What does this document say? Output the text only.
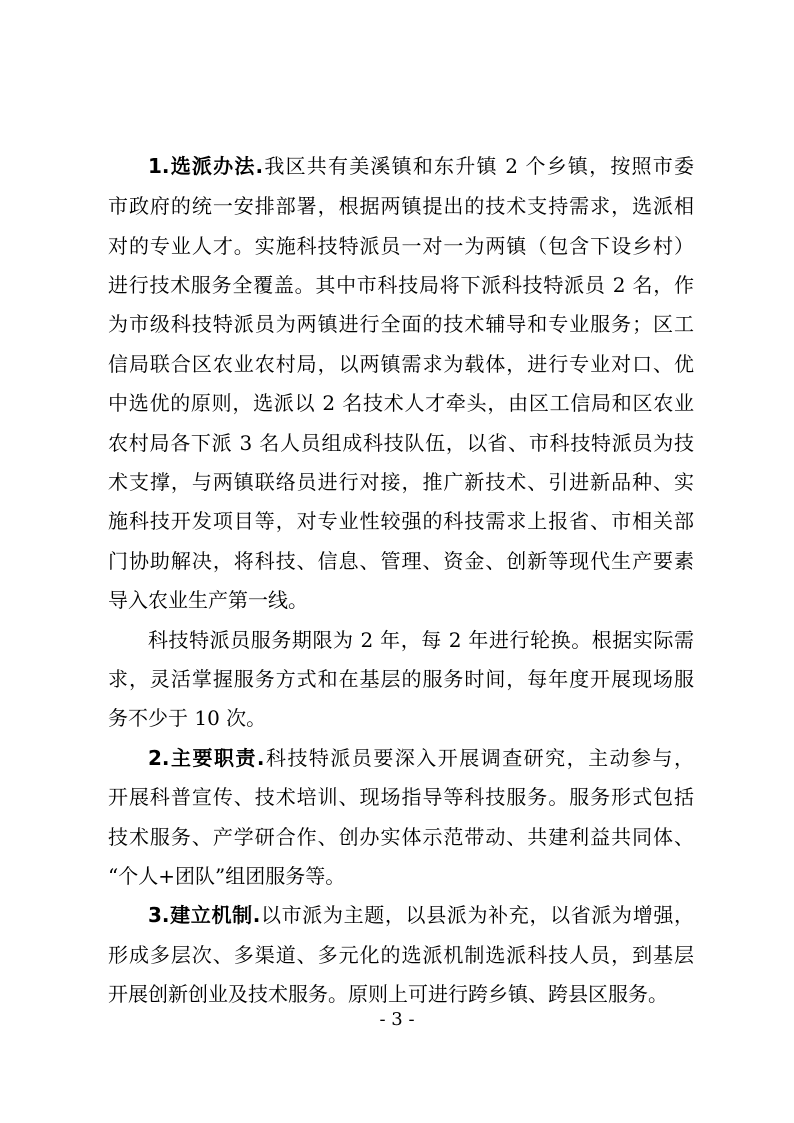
1.选派办法.我区共有美溪镇和东升镇 2 个乡镇，按照市委
市政府的统一安排部署，根据两镇提出的技术支持需求，选派相
对的专业人才。实施科技特派员一对一为两镇（包含下设乡村）
进行技术服务全覆盖。其中市科技局将下派科技特派员 2 名，作
为市级科技特派员为两镇进行全面的技术辅导和专业服务；区工
信局联合区农业农村局，以两镇需求为载体，进行专业对口、优
中选优的原则，选派以 2 名技术人才牵头，由区工信局和区农业
农村局各下派 3 名人员组成科技队伍，以省、市科技特派员为技
术支撑，与两镇联络员进行对接，推广新技术、引进新品种、实
施科技开发项目等，对专业性较强的科技需求上报省、市相关部
门协助解决，将科技、信息、管理、资金、创新等现代生产要素
导入农业生产第一线。
科技特派员服务期限为 2 年，每 2 年进行轮换。根据实际需
求，灵活掌握服务方式和在基层的服务时间，每年度开展现场服
务不少于 10 次。
2.主要职责.科技特派员要深入开展调查研究，主动参与，
开展科普宣传、技术培训、现场指导等科技服务。服务形式包括
技术服务、产学研合作、创办实体示范带动、共建利益共同体、
“个人+团队”组团服务等。
3.建立机制.以市派为主题，以县派为补充，以省派为增强，
形成多层次、多渠道、多元化的选派机制选派科技人员，到基层
开展创新创业及技术服务。原则上可进行跨乡镇、跨县区服务。
- 3 -
